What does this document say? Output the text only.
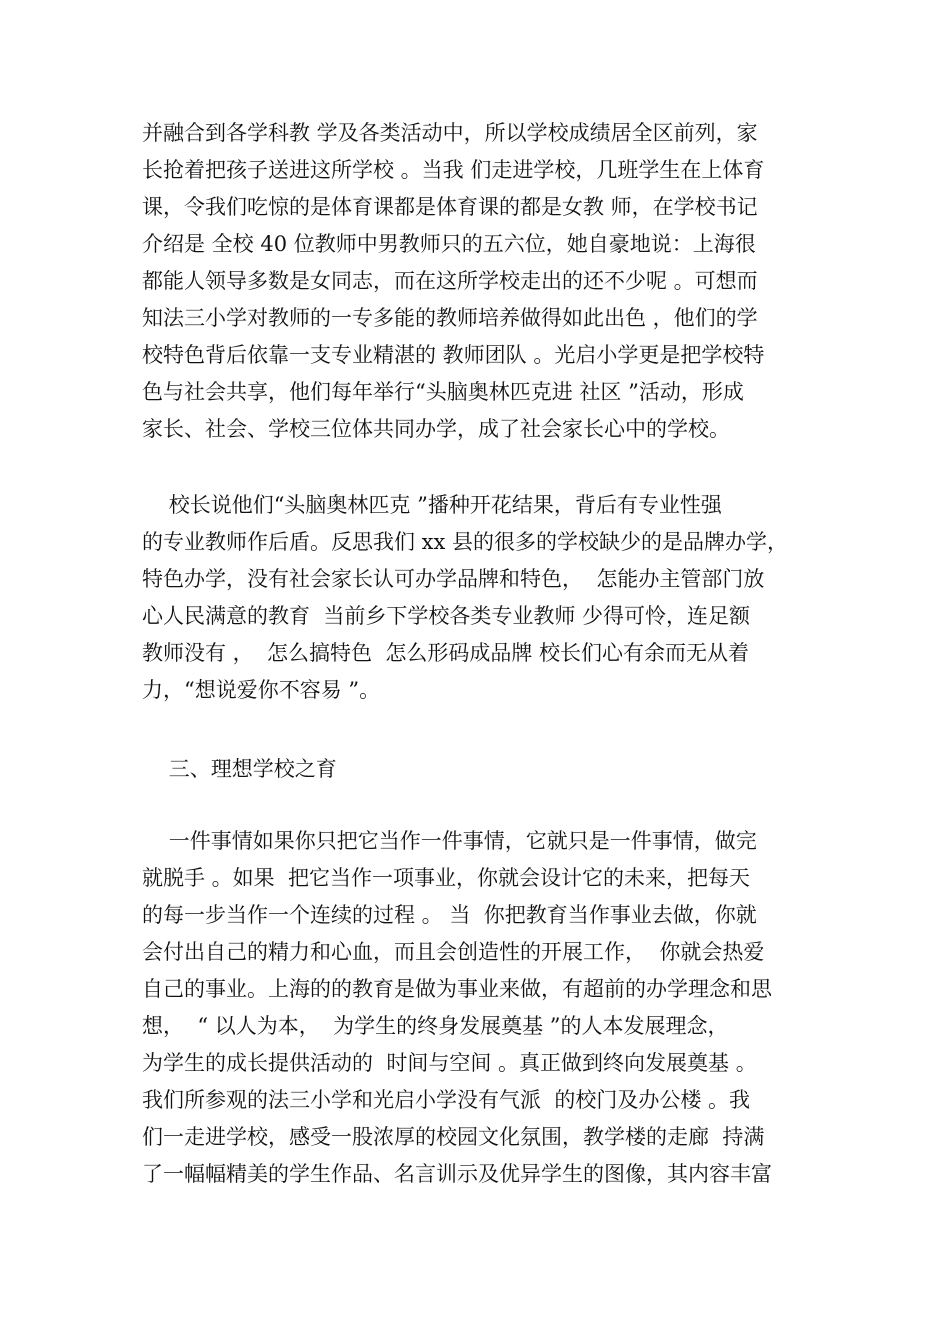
并融合到各学科教 学及各类活动中，所以学校成绩居全区前列，家
长抢着把孩子送进这所学校 。当我 们走进学校，几班学生在上体育
课，令我们吃惊的是体育课都是体育课的都是女教 师，在学校书记
介绍是 全校 40 位教师中男教师只的五六位，她自豪地说：上海很
都能人领导多数是女同志，而在这所学校走出的还不少呢 。可想而
知法三小学对教师的一专多能的教师培养做得如此出色 ，他们的学
校特色背后依靠一支专业精湛的 教师团队 。光启小学更是把学校特
色与社会共享，他们每年举行“头脑奥林匹克进 社区 ”活动，形成
家长、社会、学校三位体共同办学，成了社会家长心中的学校。
校长说他们“头脑奥林匹克 ”播种开花结果，背后有专业性强
的专业教师作后盾。反思我们 xx 县的很多的学校缺少的是品牌办学，
特色办学，没有社会家长认可办学品牌和特色，  怎能办主管部门放
心人民满意的教育  当前乡下学校各类专业教师 少得可怜，连足额
教师没有 ，  怎么搞特色  怎么形码成品牌 校长们心有余而无从着
力，“想说爱你不容易 ”。
三、理想学校之育
一件事情如果你只把它当作一件事情，它就只是一件事情，做完
就脱手 。如果  把它当作一项事业，你就会设计它的未来，把每天
的每一步当作一个连续的过程 。 当  你把教育当作事业去做，你就
会付出自己的精力和心血，而且会创造性的开展工作，  你就会热爱
自己的事业。上海的的教育是做为事业来做，有超前的办学理念和思
想，  “ 以人为本，  为学生的终身发展奠基 ”的人本发展理念，
为学生的成长提供活动的  时间与空间 。真正做到终向发展奠基 。
我们所参观的法三小学和光启小学没有气派  的校门及办公楼 。我
们一走进学校，感受一股浓厚的校园文化氛围，教学楼的走廊  持满
了一幅幅精美的学生作品、名言训示及优异学生的图像，其内容丰富
